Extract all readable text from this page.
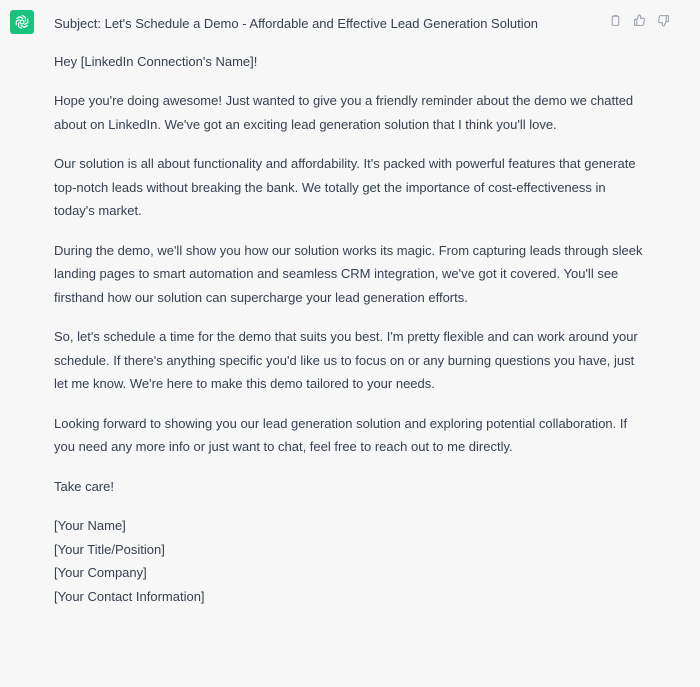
Subject: Let's Schedule a Demo - Affordable and Effective Lead Generation Solution

Hey [LinkedIn Connection's Name]!

Hope you're doing awesome! Just wanted to give you a friendly reminder about the demo we chatted about on LinkedIn. We've got an exciting lead generation solution that I think you'll love.

Our solution is all about functionality and affordability. It's packed with powerful features that generate top-notch leads without breaking the bank. We totally get the importance of cost-effectiveness in today's market.

During the demo, we'll show you how our solution works its magic. From capturing leads through sleek landing pages to smart automation and seamless CRM integration, we've got it covered. You'll see firsthand how our solution can supercharge your lead generation efforts.

So, let's schedule a time for the demo that suits you best. I'm pretty flexible and can work around your schedule. If there's anything specific you'd like us to focus on or any burning questions you have, just let me know. We're here to make this demo tailored to your needs.

Looking forward to showing you our lead generation solution and exploring potential collaboration. If you need any more info or just want to chat, feel free to reach out to me directly.

Take care!

[Your Name]

[Your Title/Position]

[Your Company]

[Your Contact Information]
